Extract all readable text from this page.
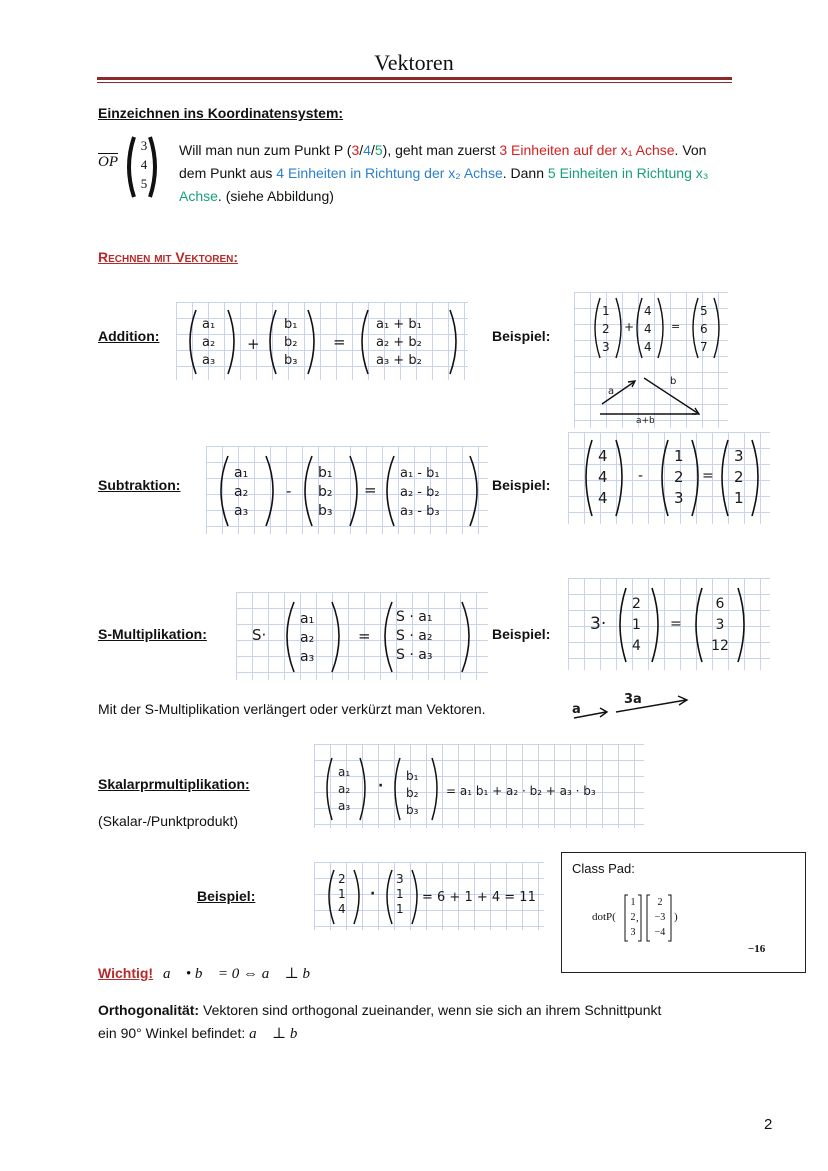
Vektoren
Einzeichnen ins Koordinatensystem:
$\overline{OP}$
3
4
5
Will man nun zum Punkt P (3/4/5), geht man zuerst 3 Einheiten auf der x₁ Achse. Von
dem Punkt aus 4 Einheiten in Richtung der x₂ Achse. Dann 5 Einheiten in Richtung x₃
Achse. (siehe Abbildung)
Rechnen mit Vektoren:
Addition:
a₁
a₂
a₃
+
b₁
b₂
b₃
=
a₁ + b₁
a₂ + b₂
a₃ + b₂
Beispiel:
1
2
3
+
4
4
4
=
5
6
7
a
b
a+b
Subtraktion:
a₁
a₂
a₃
-
b₁
b₂
b₃
=
a₁ - b₁
a₂ - b₂
a₃ - b₃
Beispiel:
4
4
4
-
1
2
3
=
3
2
1
S-Multiplikation:	S·
a₁
a₂
a₃
=
S · a₁
S · a₂
S · a₃
Beispiel: 3·
2
1
4
=
6
3
12
Mit der S-Multiplikation verlängert oder verkürzt man Vektoren.	a
3a
Skalarprmultiplikation:
(Skalar-/Punktprodukt)
a₁
a₂
a₃
·
b₁
b₂
b₃
= a₁ b₁ + a₂ · b₂ + a₃ · b₃
Beispiel:
2
1
4
·
3
1
1
= 6 + 1 + 4 = 11
Class Pad:
dotP(
1
2
3
,
2
−3
−4
)
−16
Wichtig! a⃗ • b⃗ = 0 ⇔ a⃗ ⊥ b⃗
Orthogonalität: Vektoren sind orthogonal zueinander, wenn sie sich an ihrem Schnittpunkt
ein 90° Winkel befindet: a⃗ ⊥ b⃗
2
